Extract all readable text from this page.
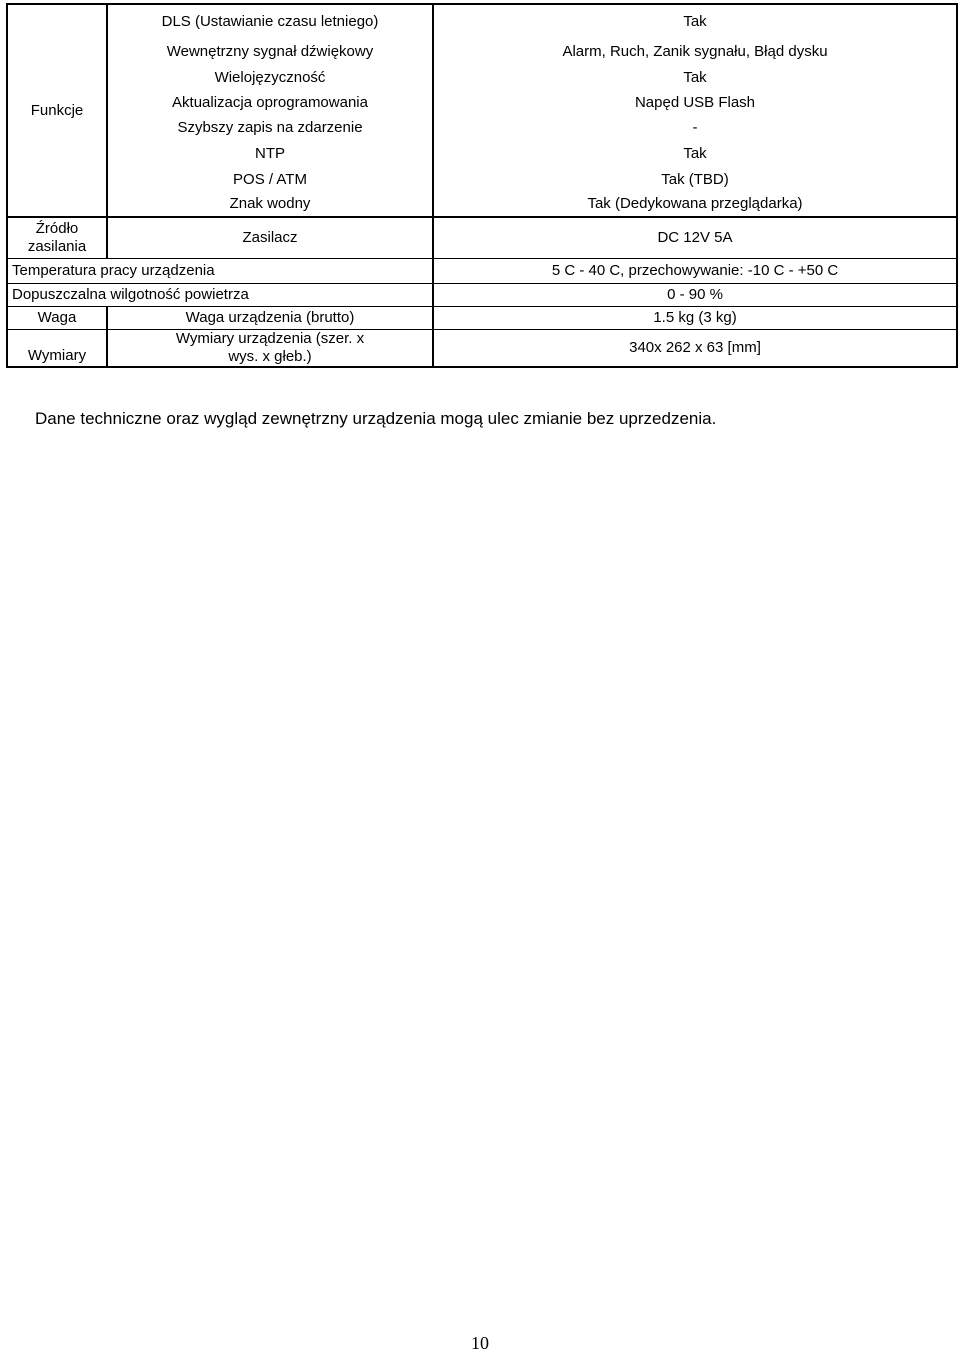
Funkcje	DLS (Ustawianie czasu letniego)	Tak
	Wewnętrzny sygnał dźwiękowy	Alarm, Ruch, Zanik sygnału, Błąd dysku
	Wielojęzyczność	Tak
	Aktualizacja oprogramowania	Napęd USB Flash
	Szybszy zapis na zdarzenie	-
	NTP	Tak
	POS / ATM	Tak (TBD)
	Znak wodny	Tak (Dedykowana przeglądarka)
Źródło zasilania	Zasilacz	DC 12V 5A
Temperatura pracy urządzenia		5 C - 40 C, przechowywanie: -10 C - +50 C
Dopuszczalna wilgotność powietrza		0 - 90 %
Waga	Waga urządzenia (brutto)	1.5 kg (3 kg)
Wymiary	Wymiary urządzenia (szer. x wys. x głeb.)	340x 262 x 63 [mm]
Dane techniczne oraz wygląd zewnętrzny urządzenia mogą ulec zmianie bez uprzedzenia.
10
